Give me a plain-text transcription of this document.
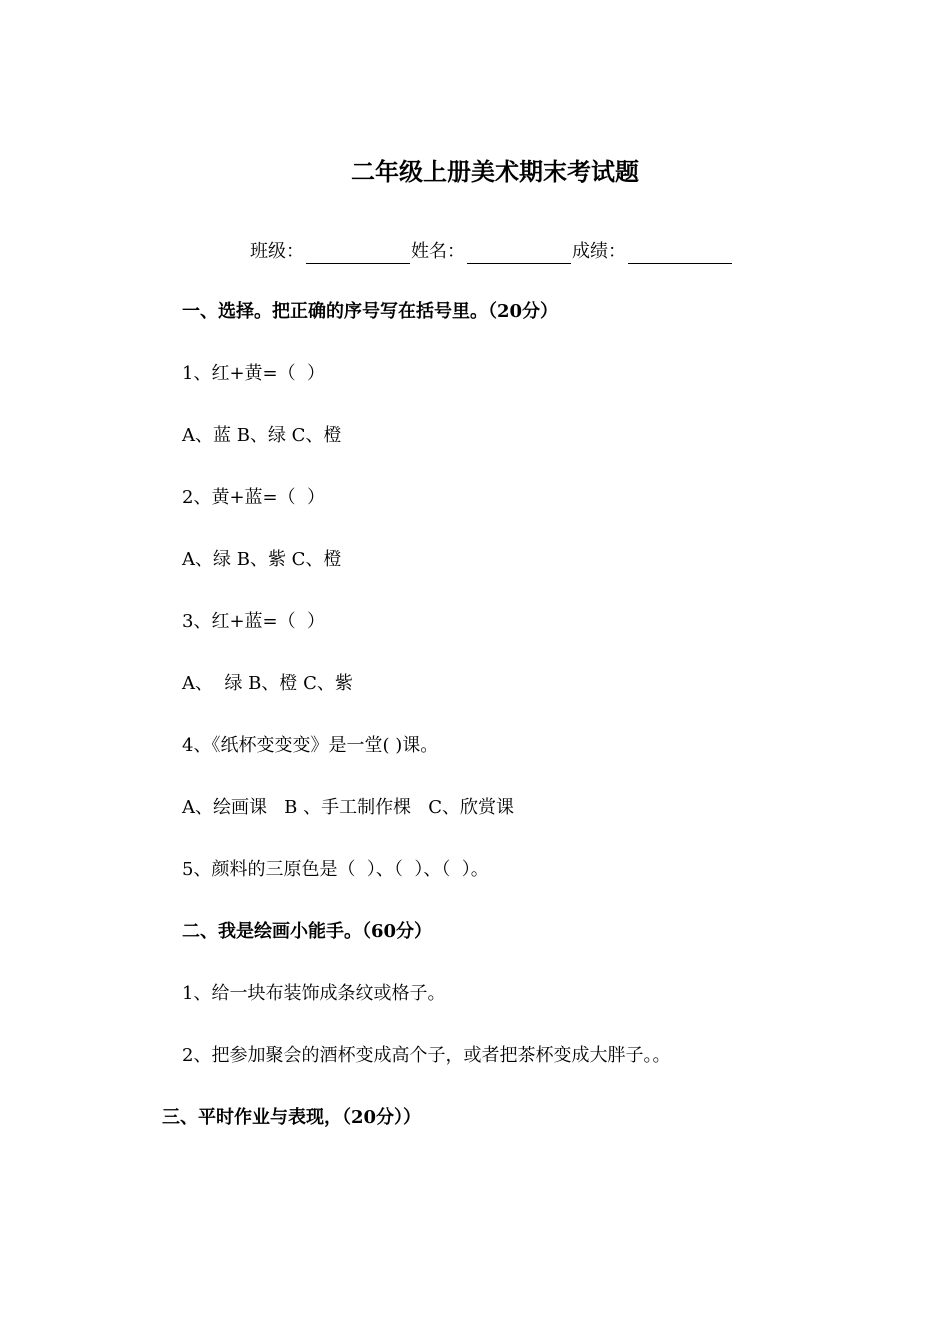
二年级上册美术期末考试题
班级：	姓名：	成绩：
一、选择。把正确的序号写在括号里。（20分）
1、红+黄=（  ）
A、蓝 B、绿 C、橙
2、黄+蓝=（  ）
A、绿 B、紫 C、橙
3、红+蓝=（  ）
A、  绿 B、橙 C、紫
4、《纸杯变变变》是一堂( )课。
A、绘画课   B 、手工制作棵   C、欣赏课
5、颜料的三原色是（  ）、（  ）、（  ）。
二、我是绘画小能手。（60分）
1、给一块布装饰成条纹或格子。
2、把参加聚会的酒杯变成高个子，或者把茶杯变成大胖子。。
三、平时作业与表现，（20分））
